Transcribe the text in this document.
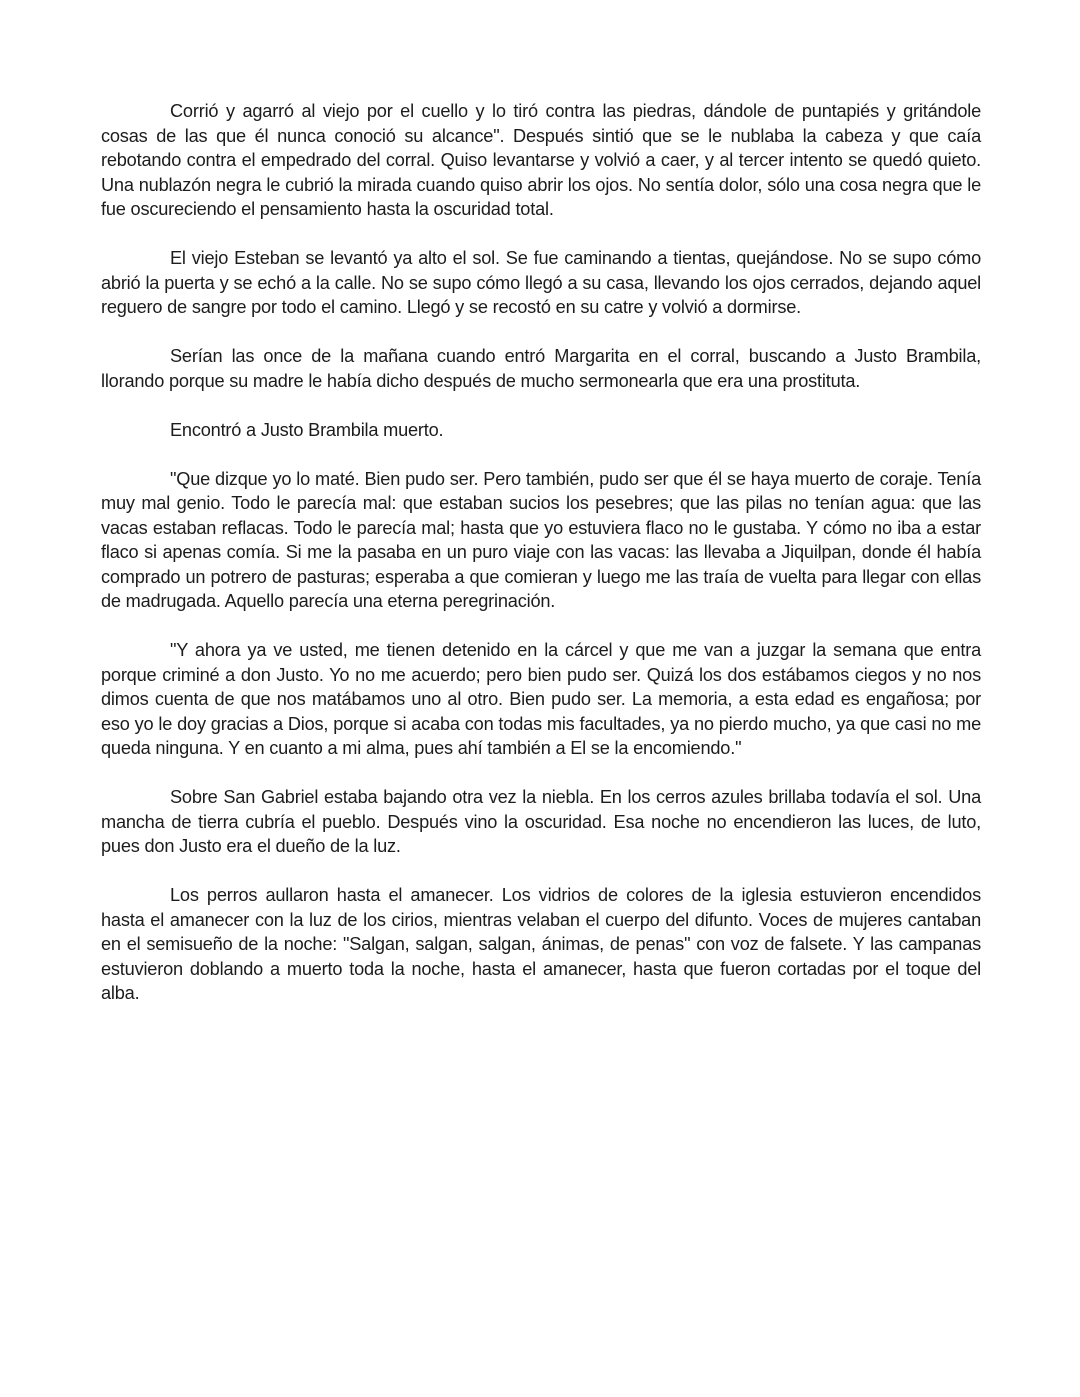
Corrió y agarró al viejo por el cuello y lo tiró contra las piedras, dándole de puntapiés y gritándole cosas de las que él nunca conoció su alcance". Después sintió que se le nublaba la cabeza y que caía rebotando contra el empedrado del corral. Quiso levantarse y volvió a caer, y al tercer intento se quedó quieto. Una nublazón negra le cubrió la mirada cuando quiso abrir los ojos. No sentía dolor, sólo una cosa negra que le fue oscureciendo el pensamiento hasta la oscuridad total.

El viejo Esteban se levantó ya alto el sol. Se fue caminando a tientas, quejándose. No se supo cómo abrió la puerta y se echó a la calle. No se supo cómo llegó a su casa, llevando los ojos cerrados, dejando aquel reguero de sangre por todo el camino. Llegó y se recostó en su catre y volvió a dormirse.

Serían las once de la mañana cuando entró Margarita en el corral, buscando a Justo Brambila, llorando porque su madre le había dicho después de mucho sermonearla que era una prostituta.

Encontró a Justo Brambila muerto.

"Que dizque yo lo maté. Bien pudo ser. Pero también, pudo ser que él se haya muerto de coraje. Tenía muy mal genio. Todo le parecía mal: que estaban sucios los pesebres; que las pilas no tenían agua: que las vacas estaban reflacas. Todo le parecía mal; hasta que yo estuviera flaco no le gustaba. Y cómo no iba a estar flaco si apenas comía. Si me la pasaba en un puro viaje con las vacas: las llevaba a Jiquilpan, donde él había comprado un potrero de pasturas; esperaba a que comieran y luego me las traía de vuelta para llegar con ellas de madrugada. Aquello parecía una eterna peregrinación.

"Y ahora ya ve usted, me tienen detenido en la cárcel y que me van a juzgar la semana que entra porque criminé a don Justo. Yo no me acuerdo; pero bien pudo ser. Quizá los dos estábamos ciegos y no nos dimos cuenta de que nos matábamos uno al otro. Bien pudo ser. La memoria, a esta edad es engañosa; por eso yo le doy gracias a Dios, porque si acaba con todas mis facultades, ya no pierdo mucho, ya que casi no me queda ninguna. Y en cuanto a mi alma, pues ahí también a El se la encomiendo."

Sobre San Gabriel estaba bajando otra vez la niebla. En los cerros azules brillaba todavía el sol. Una mancha de tierra cubría el pueblo. Después vino la oscuridad. Esa noche no encendieron las luces, de luto, pues don Justo era el dueño de la luz.

Los perros aullaron hasta el amanecer. Los vidrios de colores de la iglesia estuvieron encendidos hasta el amanecer con la luz de los cirios, mientras velaban el cuerpo del difunto. Voces de mujeres cantaban en el semisueño de la noche: "Salgan, salgan, salgan, ánimas, de penas" con voz de falsete. Y las campanas estuvieron doblando a muerto toda la noche, hasta el amanecer, hasta que fueron cortadas por el toque del alba.
